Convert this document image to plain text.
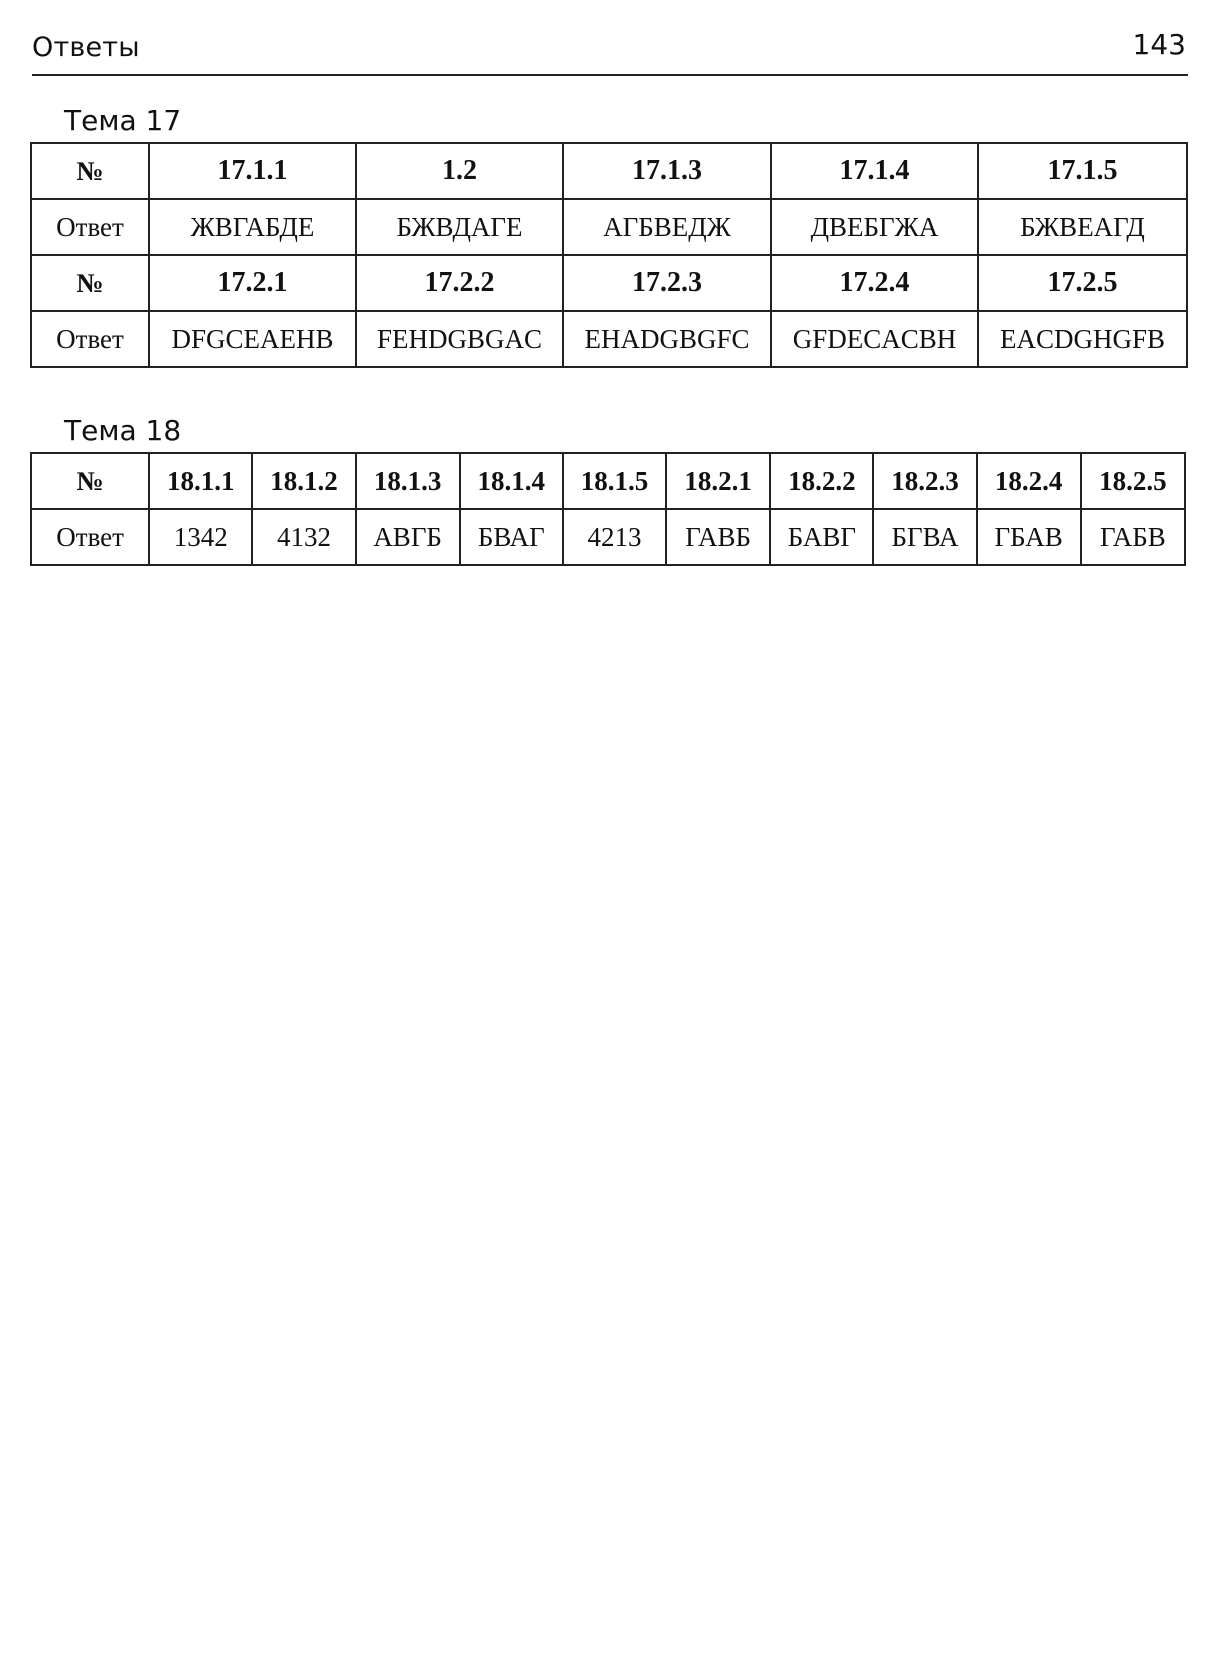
Ответы	143
Тема 17
№	17.1.1	1.2	17.1.3	17.1.4	17.1.5
Ответ	ЖВГАБДЕ	БЖВДАГЕ	АГБВЕДЖ	ДВЕБГЖА	БЖВЕАГД
№	17.2.1	17.2.2	17.2.3	17.2.4	17.2.5
Ответ	DFGCEAEHB	FEHDGBGAC	EHADGBGFC	GFDECACBH	EACDGHGFB
Тема 18
№	18.1.1	18.1.2	18.1.3	18.1.4	18.1.5	18.2.1	18.2.2	18.2.3	18.2.4	18.2.5
Ответ	1342	4132	АВГБ	БВАГ	4213	ГАВБ	БАВГ	БГВА	ГБАВ	ГАБВ
